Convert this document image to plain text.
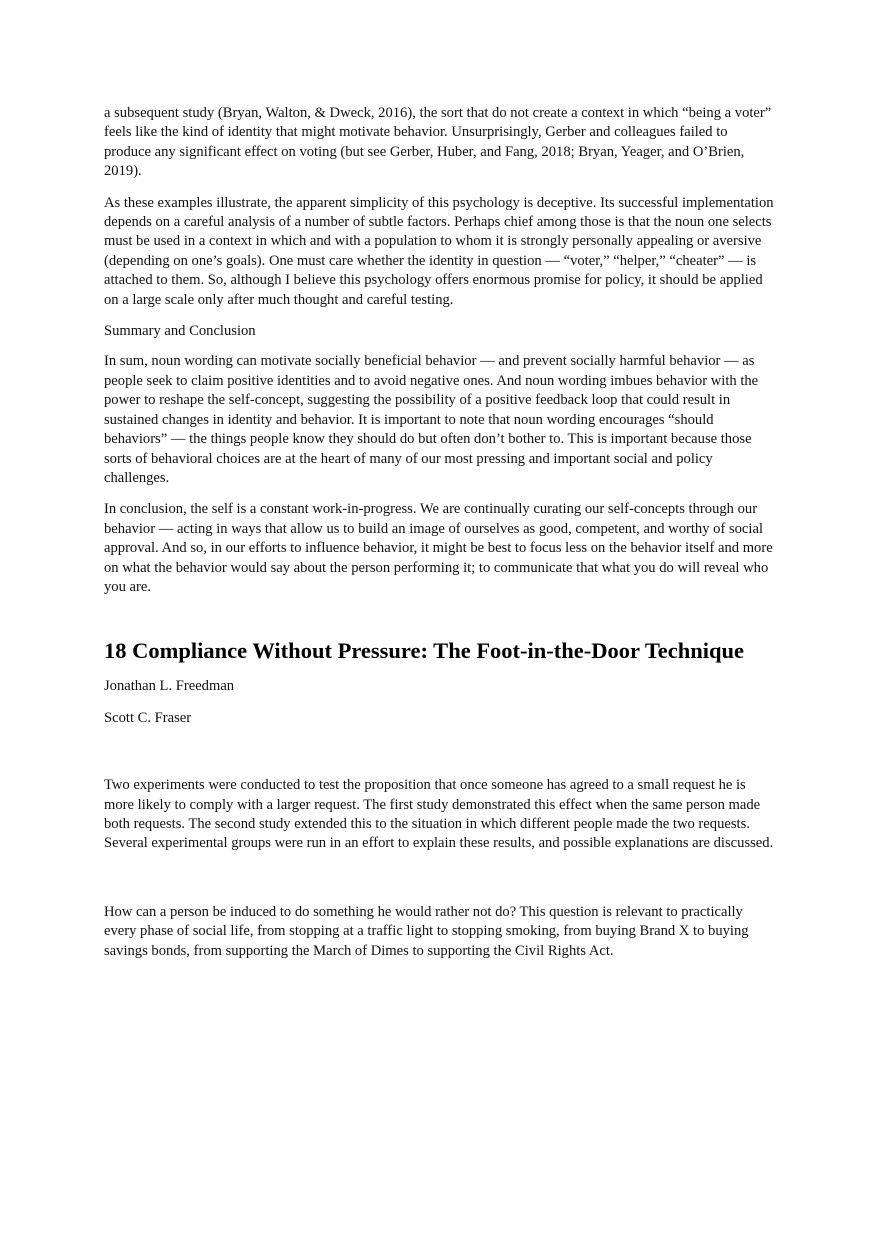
a subsequent study (Bryan, Walton, & Dweck, 2016), the sort that do not create a context in which “being a voter” feels like the kind of identity that might motivate behavior. Unsurprisingly, Gerber and colleagues failed to produce any significant effect on voting (but see Gerber, Huber, and Fang, 2018; Bryan, Yeager, and O’Brien, 2019).

As these examples illustrate, the apparent simplicity of this psychology is deceptive. Its successful implementation depends on a careful analysis of a number of subtle factors. Perhaps chief among those is that the noun one selects must be used in a context in which and with a population to whom it is strongly personally appealing or aversive (depending on one’s goals). One must care whether the identity in question — “voter,” “helper,” “cheater” — is attached to them. So, although I believe this psychology offers enormous promise for policy, it should be applied on a large scale only after much thought and careful testing.

Summary and Conclusion

In sum, noun wording can motivate socially beneficial behavior — and prevent socially harmful behavior — as people seek to claim positive identities and to avoid negative ones. And noun wording imbues behavior with the power to reshape the self-concept, suggesting the possibility of a positive feedback loop that could result in sustained changes in identity and behavior. It is important to note that noun wording encourages “should behaviors” — the things people know they should do but often don’t bother to. This is important because those sorts of behavioral choices are at the heart of many of our most pressing and important social and policy challenges.

In conclusion, the self is a constant work-in-progress. We are continually curating our self-concepts through our behavior — acting in ways that allow us to build an image of ourselves as good, competent, and worthy of social approval. And so, in our efforts to influence behavior, it might be best to focus less on the behavior itself and more on what the behavior would say about the person performing it; to communicate that what you do will reveal who you are.

18 Compliance Without Pressure: The Foot-in-the-Door Technique

Jonathan L. Freedman

Scott C. Fraser

Two experiments were conducted to test the proposition that once someone has agreed to a small request he is more likely to comply with a larger request. The first study demonstrated this effect when the same person made both requests. The second study extended this to the situation in which different people made the two requests. Several experimental groups were run in an effort to explain these results, and possible explanations are discussed.

How can a person be induced to do something he would rather not do? This question is relevant to practically every phase of social life, from stopping at a traffic light to stopping smoking, from buying Brand X to buying savings bonds, from supporting the March of Dimes to supporting the Civil Rights Act.
